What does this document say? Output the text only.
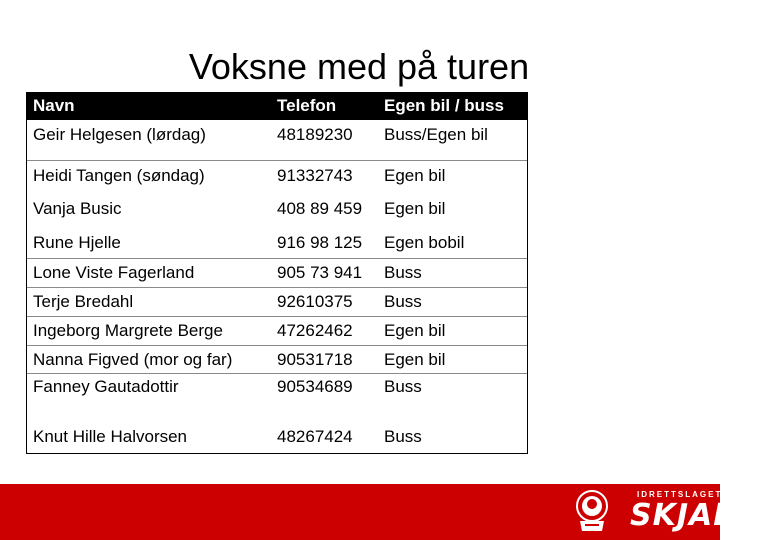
Voksne med på turen
Navn	Telefon	Egen bil / buss
Geir Helgesen (lørdag)	48189230 Buss/Egen bil
Heidi Tangen (søndag)	91332743 Egen bil
Vanja Busic	408 89 459 Egen bil
Rune Hjelle	916 98 125 Egen bobil
Lone Viste Fagerland	905 73 941 Buss
Terje Bredahl	92610375 Buss
Ingeborg Margrete Berge	47262462 Egen bil
Nanna Figved (mor og far)	90531718 Egen bil
Fanney Gautadottir	90534689 Buss
Knut Hille Halvorsen	48267424 Buss
IDRETTSLAGET
SKJALG
